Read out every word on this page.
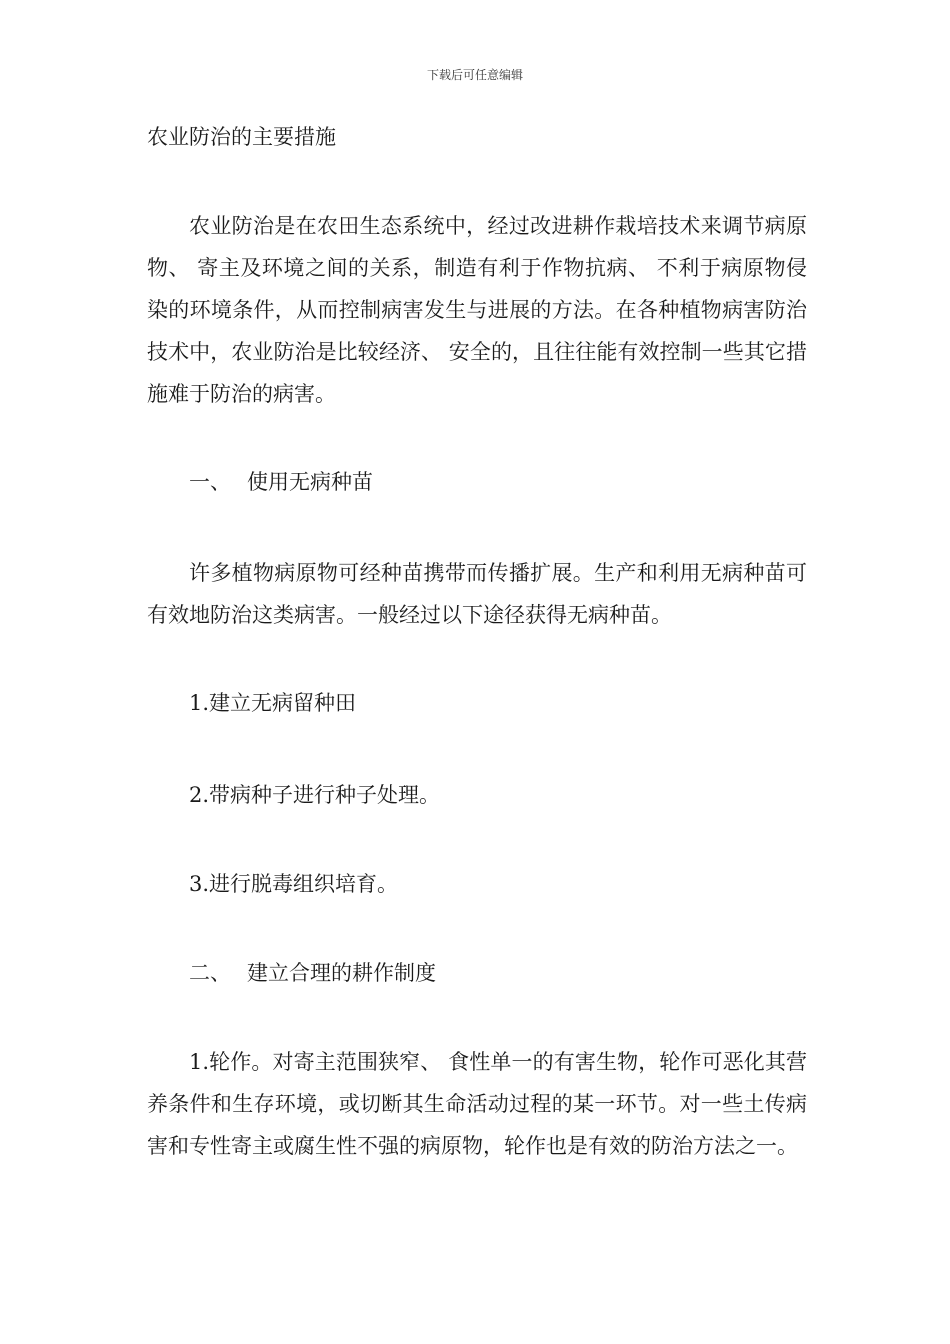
下载后可任意编辑
农业防治的主要措施
农业防治是在农田生态系统中，经过改进耕作栽培技术来调节病原物、 寄主及环境之间的关系，制造有利于作物抗病、 不利于病原物侵染的环境条件，从而控制病害发生与进展的方法。在各种植物病害防治技术中，农业防治是比较经济、 安全的，且往往能有效控制一些其它措施难于防治的病害。
一、 使用无病种苗
许多植物病原物可经种苗携带而传播扩展。生产和利用无病种苗可有效地防治这类病害。一般经过以下途径获得无病种苗。
1.建立无病留种田
2.带病种子进行种子处理。
3.进行脱毒组织培育。
二、 建立合理的耕作制度
1.轮作。对寄主范围狭窄、 食性单一的有害生物，轮作可恶化其营养条件和生存环境，或切断其生命活动过程的某一环节。对一些土传病害和专性寄主或腐生性不强的病原物，轮作也是有效的防治方法之一。
